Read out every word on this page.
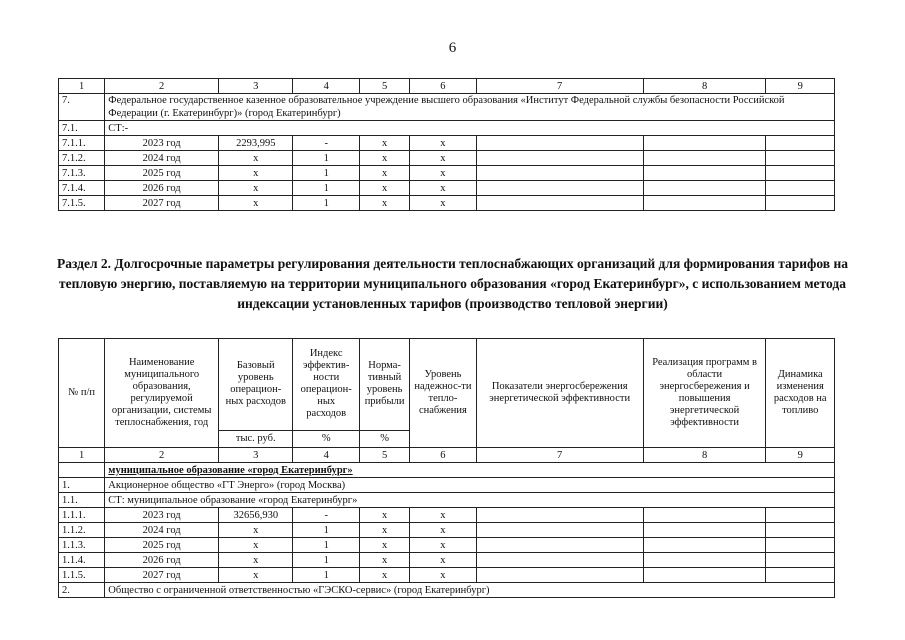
6
1	2	3	4	5	6	7	8	9
7.	Федеральное государственное казенное образовательное учреждение высшего образования «Институт Федеральной службы безопасности Российской Федерации (г. Екатеринбург)» (город Екатеринбург)							
7.1.	СТ:-							
7.1.1.	2023 год	2293,995	-	х	х			
7.1.2.	2024 год	х	1	х	х			
7.1.3.	2025 год	х	1	х	х			
7.1.4.	2026 год	х	1	х	х			
7.1.5.	2027 год	х	1	х	х			
Раздел 2. Долгосрочные параметры регулирования деятельности теплоснабжающих организаций для формирования тарифов на тепловую энергию, поставляемую на территории муниципального образования «город Екатеринбург», с использованием метода индексации установленных тарифов (производство тепловой энергии)
№ п/п	Наименование муниципального образования, регулируемой организации, системы теплоснабжения, год	Базовый уровень операцион-ных расходов	Индекс эффектив-ности операцион-ных расходов	Норма-тивный уровень прибыли	Уровень надежнос-ти тепло-снабжения	Показатели энергосбережения энергетической эффективности	Реализация программ в области энергосбережения и повышения энергетической эффективности	Динамика изменения расходов на топливо
		тыс. руб.	%	%				
1	2	3	4	5	6	7	8	9
	муниципальное образование «город Екатеринбург»							
1.	Акционерное общество «ГТ Энерго» (город Москва)							
1.1.	СТ: муниципальное образование «город Екатеринбург»							
1.1.1.	2023 год	32656,930	-	х	х			
1.1.2.	2024 год	х	1	х	х			
1.1.3.	2025 год	х	1	х	х			
1.1.4.	2026 год	х	1	х	х			
1.1.5.	2027 год	х	1	х	х			
2.	Общество с ограниченной ответственностью «ГЭСКО-сервис» (город Екатеринбург)							
